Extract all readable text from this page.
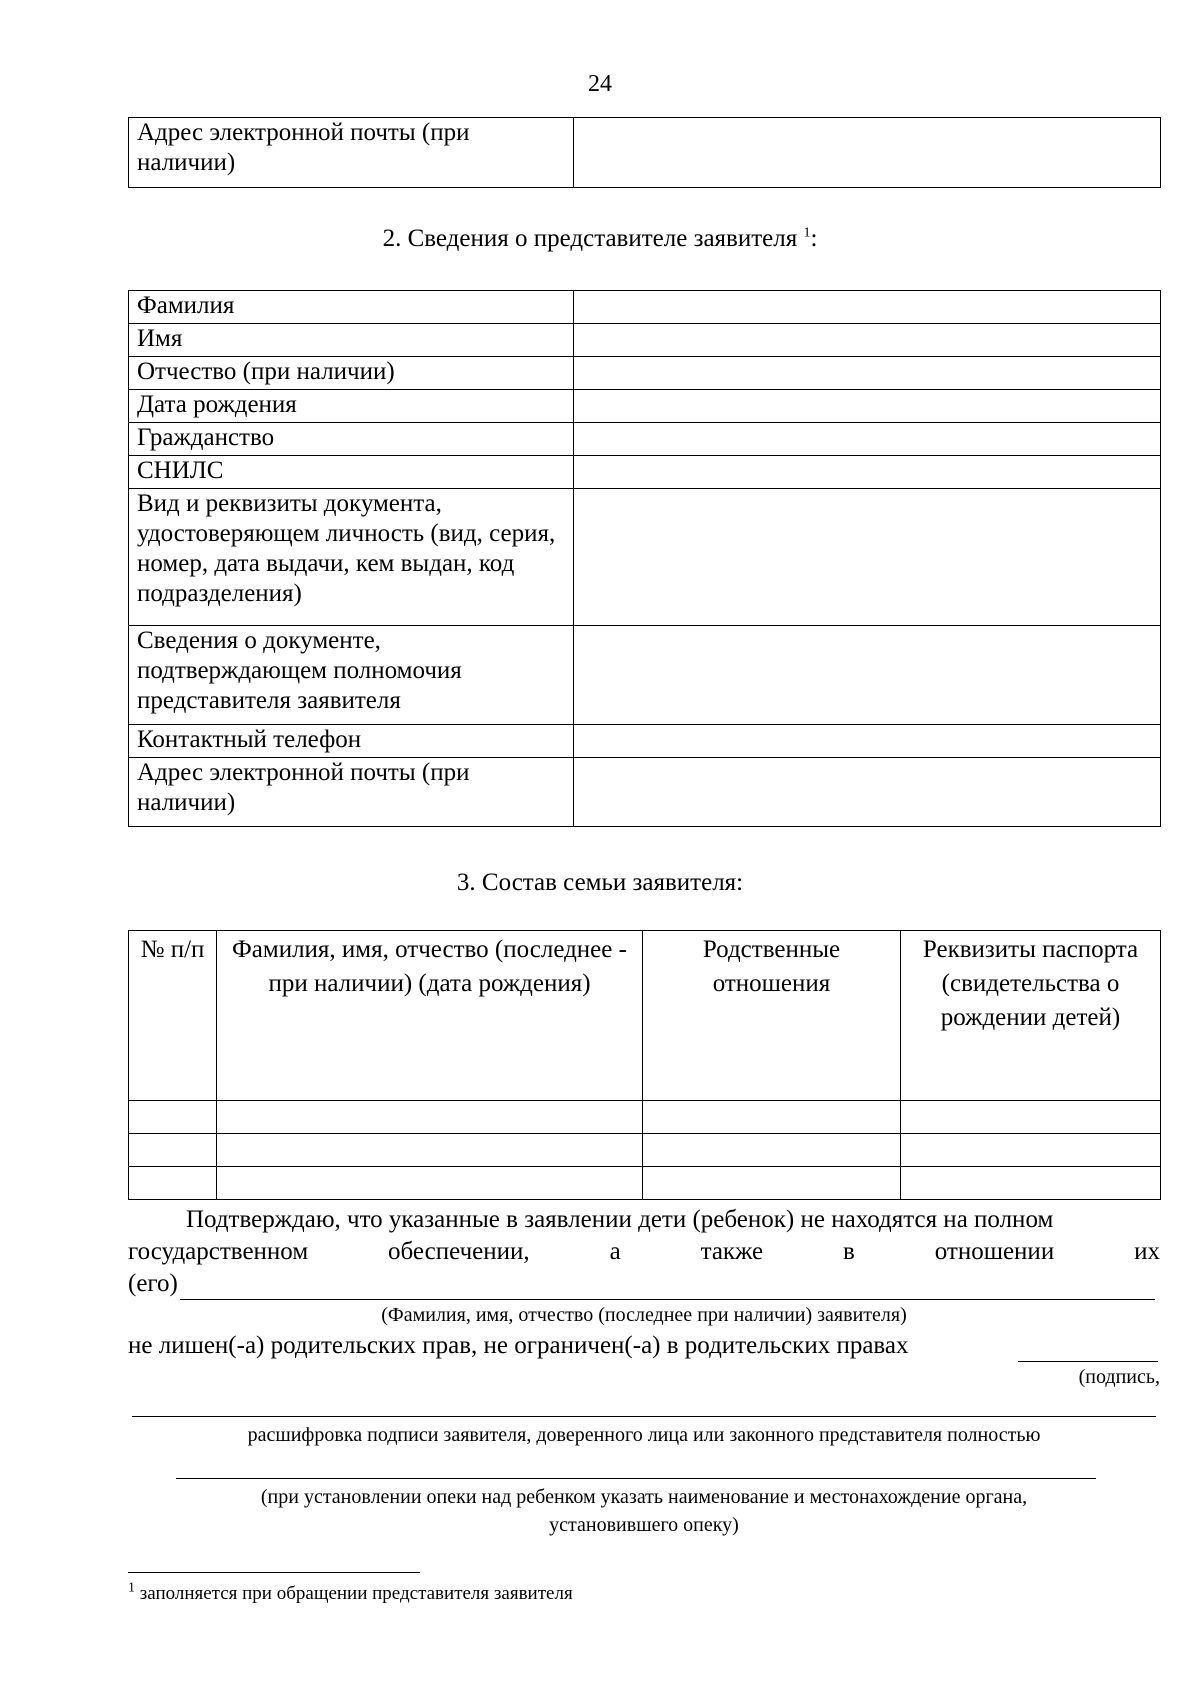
24
Адрес электронной почты (при наличии)	
2. Сведения о представителе заявителя $^1$:
Фамилия	
Имя	
Отчество (при наличии)	
Дата рождения	
Гражданство	
СНИЛС	
Вид и реквизиты документа, удостоверяющем личность (вид, серия, номер, дата выдачи, кем выдан, код подразделения)	
Сведения о документе, подтверждающем полномочия представителя заявителя	
Контактный телефон	
Адрес электронной почты (при наличии)	
3. Состав семьи заявителя:
№ п/п	Фамилия, имя, отчество (последнее - при наличии) (дата рождения)	Родственные отношения	Реквизиты паспорта (свидетельства о рождении детей)

Подтверждаю, что указанные в заявлении дети (ребенок) не находятся на полном
государственном	обеспечении,	а	также	в	отношении	их
(его)
(Фамилия, имя, отчество (последнее при наличии) заявителя)
не лишен(-а) родительских прав, не ограничен(-а) в родительских правах
(подпись,
расшифровка подписи заявителя, доверенного лица или законного представителя полностью
(при установлении опеки над ребенком указать наименование и местонахождение органа,
установившего опеку)
$^1$ заполняется при обращении представителя заявителя
